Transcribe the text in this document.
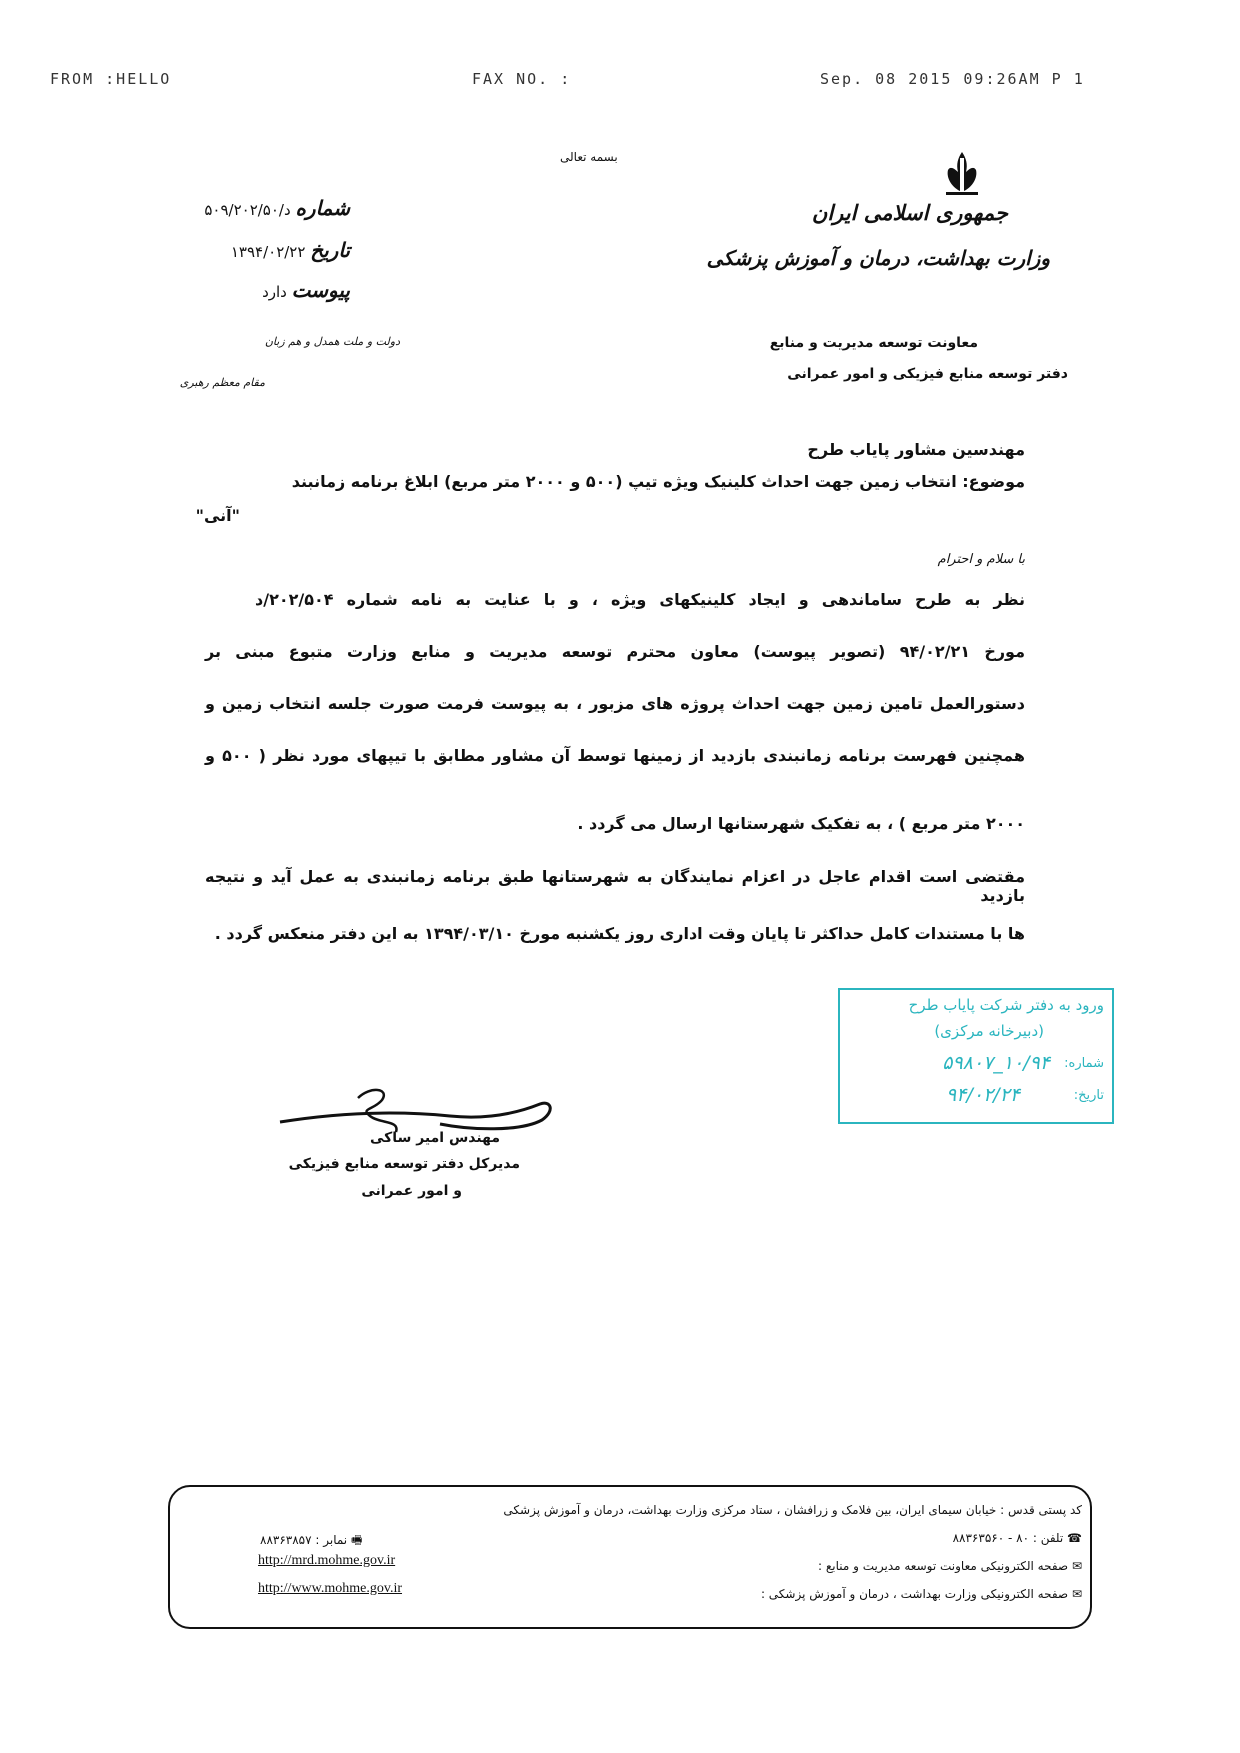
FROM :HELLO	FAX NO. :	Sep. 08 2015 09:26AM P 1
بسمه تعالی
جمهوری اسلامی ایران
وزارت بهداشت، درمان و آموزش پزشکی
معاونت توسعه مدیریت و منابع
دفتر توسعه منابع فیزیکی و امور عمرانی
شماره د/۵۰۹/۲۰۲/۵۰
تاریخ ۱۳۹۴/۰۲/۲۲
پیوست دارد
دولت و ملت همدل و هم زبان
مقام معظم رهبری
مهندسین مشاور پایاب طرح
موضوع: انتخاب زمین جهت احداث کلینیک ویژه تیپ (۵۰۰ و ۲۰۰۰ متر مربع) ابلاغ برنامه زمانبند
"آنی"
با سلام و احترام
نظر به طرح ساماندهی و ایجاد کلینیکهای ویژه ، و با عنایت به نامه شماره ۲۰۲/۵۰۴/د
مورخ ۹۴/۰۲/۲۱ (تصویر پیوست) معاون محترم توسعه مدیریت و منابع وزارت متبوع مبنی بر
دستورالعمل تامین زمین جهت احداث پروژه های مزبور ، به پیوست فرمت صورت جلسه انتخاب زمین و
همچنین فهرست برنامه زمانبندی بازدید از زمینها توسط آن مشاور مطابق با تیپهای مورد نظر ( ۵۰۰ و
۲۰۰۰ متر مربع ) ، به تفکیک شهرستانها ارسال می گردد .
مقتضی است اقدام عاجل در اعزام نمایندگان به شهرستانها طبق برنامه زمانبندی به عمل آید و نتیجه بازدید
ها با مستندات کامل حداکثر تا پایان وقت اداری روز یکشنبه مورخ ۱۳۹۴/۰۳/۱۰ به این دفتر منعکس گردد .
ورود به دفتر شرکت پایاب طرح
(دبیرخانه مرکزی)
شماره:
۱۰/۹۴_۵۹۸۰۷
تاریخ:
۹۴/۰۲/۲۴
مهندس امیر ساکی
مدیرکل دفتر توسعه منابع فیزیکی
و امور عمرانی
کد پستی قدس : خیابان سیمای ایران، بین فلامک و زرافشان ، ستاد مرکزی وزارت بهداشت، درمان و آموزش پزشکی
☎ تلفن : ۸۰ - ۸۸۳۶۳۵۶۰
🖷 نمابر : ۸۸۳۶۳۸۵۷
✉ صفحه الکترونیکی معاونت توسعه مدیریت و منابع :
http://mrd.mohme.gov.ir
✉ صفحه الکترونیکی وزارت بهداشت ، درمان و آموزش پزشکی :
http://www.mohme.gov.ir
